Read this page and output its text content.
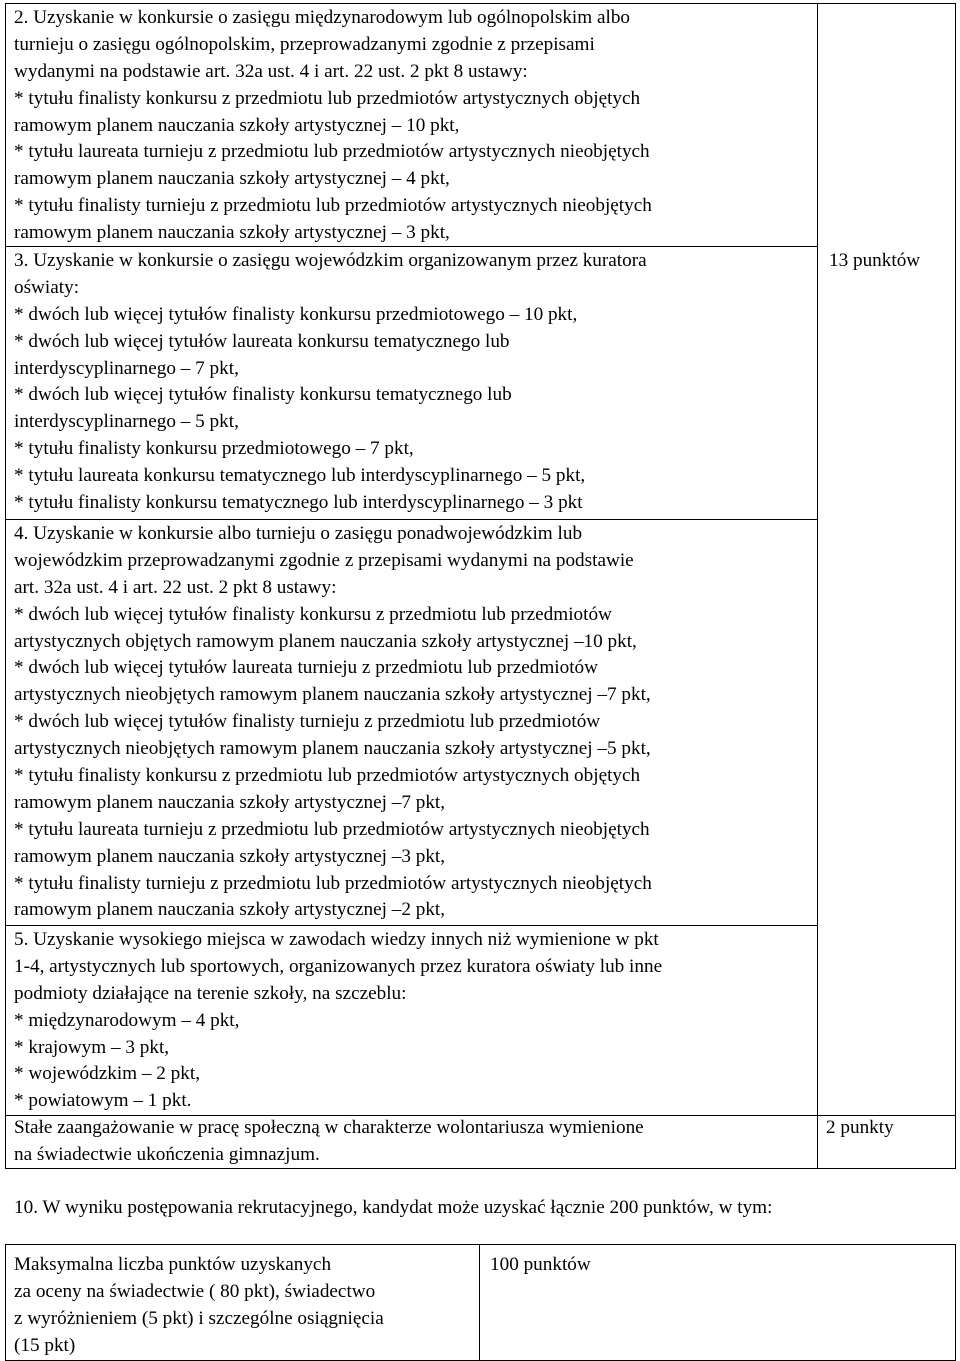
2. Uzyskanie w konkursie o zasięgu międzynarodowym lub ogólnopolskim albo
turnieju o zasięgu ogólnopolskim, przeprowadzanymi zgodnie z przepisami
wydanymi na podstawie art. 32a ust. 4 i art. 22 ust. 2 pkt 8 ustawy:
* tytułu finalisty konkursu z przedmiotu lub przedmiotów artystycznych objętych
ramowym planem nauczania szkoły artystycznej – 10 pkt,
* tytułu laureata turnieju z przedmiotu lub przedmiotów artystycznych nieobjętych
ramowym planem nauczania szkoły artystycznej – 4 pkt,
* tytułu finalisty turnieju z przedmiotu lub przedmiotów artystycznych nieobjętych
ramowym planem nauczania szkoły artystycznej – 3 pkt,
3. Uzyskanie w konkursie o zasięgu wojewódzkim organizowanym przez kuratora
oświaty:
* dwóch lub więcej tytułów finalisty konkursu przedmiotowego – 10 pkt,
* dwóch lub więcej tytułów laureata konkursu tematycznego lub
interdyscyplinarnego – 7 pkt,
* dwóch lub więcej tytułów finalisty konkursu tematycznego lub
interdyscyplinarnego – 5 pkt,
* tytułu finalisty konkursu przedmiotowego – 7 pkt,
* tytułu laureata konkursu tematycznego lub interdyscyplinarnego – 5 pkt,
* tytułu finalisty konkursu tematycznego lub interdyscyplinarnego – 3 pkt
4. Uzyskanie w konkursie albo turnieju o zasięgu ponadwojewódzkim lub
wojewódzkim przeprowadzanymi zgodnie z przepisami wydanymi na podstawie
art. 32a ust. 4 i art. 22 ust. 2 pkt 8 ustawy:
* dwóch lub więcej tytułów finalisty konkursu z przedmiotu lub przedmiotów
artystycznych objętych ramowym planem nauczania szkoły artystycznej –10 pkt,
* dwóch lub więcej tytułów laureata turnieju z przedmiotu lub przedmiotów
artystycznych nieobjętych ramowym planem nauczania szkoły artystycznej –7 pkt,
* dwóch lub więcej tytułów finalisty turnieju z przedmiotu lub przedmiotów
artystycznych nieobjętych ramowym planem nauczania szkoły artystycznej –5 pkt,
* tytułu finalisty konkursu z przedmiotu lub przedmiotów artystycznych objętych
ramowym planem nauczania szkoły artystycznej –7 pkt,
* tytułu laureata turnieju z przedmiotu lub przedmiotów artystycznych nieobjętych
ramowym planem nauczania szkoły artystycznej –3 pkt,
* tytułu finalisty turnieju z przedmiotu lub przedmiotów artystycznych nieobjętych
ramowym planem nauczania szkoły artystycznej –2 pkt,
5. Uzyskanie wysokiego miejsca w zawodach wiedzy innych niż wymienione w pkt
1-4, artystycznych lub sportowych, organizowanych przez kuratora oświaty lub inne
podmioty działające na terenie szkoły, na szczeblu:
* międzynarodowym – 4 pkt,
* krajowym – 3 pkt,
* wojewódzkim – 2 pkt,
* powiatowym – 1 pkt.
Stałe zaangażowanie w pracę społeczną w charakterze wolontariusza wymienione
na świadectwie ukończenia gimnazjum.
13 punktów
2 punkty
10. W wyniku postępowania rekrutacyjnego, kandydat może uzyskać łącznie 200 punktów, w tym:
Maksymalna liczba punktów uzyskanych
za oceny na świadectwie ( 80 pkt), świadectwo
z wyróżnieniem (5 pkt) i szczególne osiągnięcia
(15 pkt)
100 punktów
